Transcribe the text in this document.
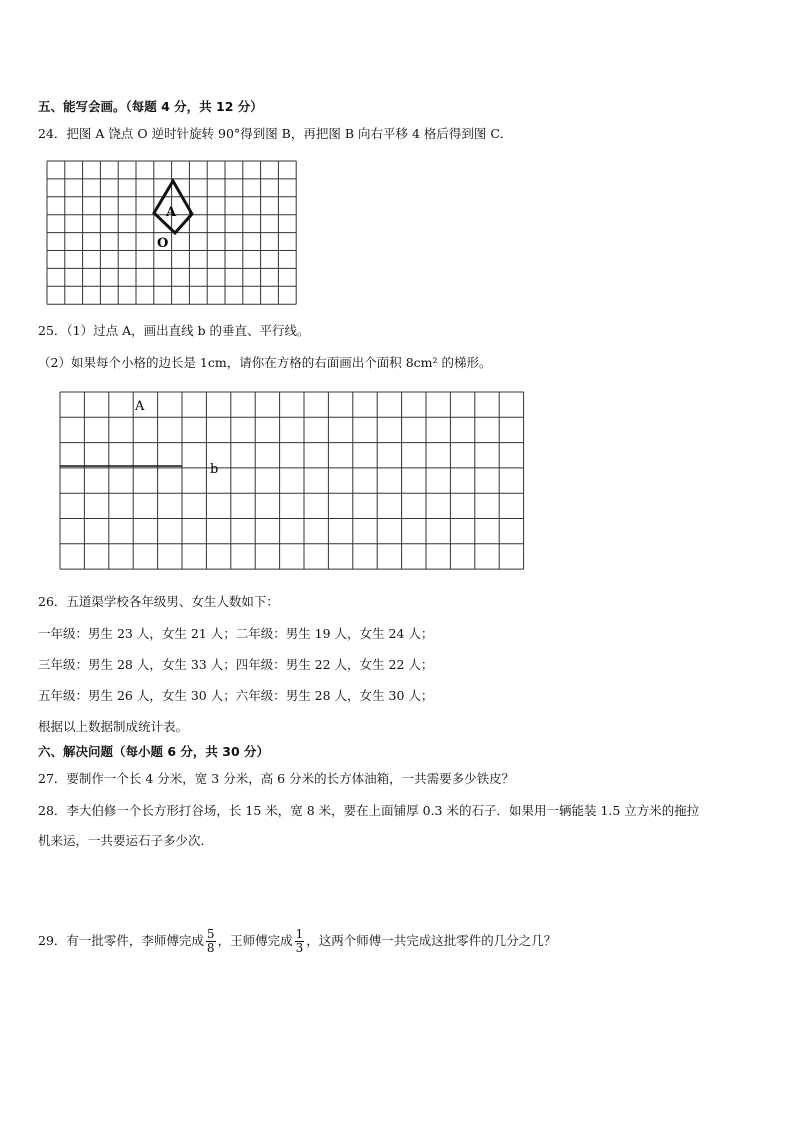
五、能写会画。（每题 4 分，共 12 分）
24．把图 A 饶点 O 逆时针旋转 90°得到图 B，再把图 B 向右平移 4 格后得到图 C．
A
O
25．（1）过点 A，画出直线 b 的垂直、平行线。
（2）如果每个小格的边长是 1cm，请你在方格的右面画出个面积 8cm² 的梯形。
A
b
26．五道渠学校各年级男、女生人数如下：
一年级：男生 23 人，女生 21 人；二年级：男生 19 人，女生 24 人；
三年级：男生 28 人，女生 33 人；四年级：男生 22 人，女生 22 人；
五年级：男生 26 人，女生 30 人；六年级：男生 28 人，女生 30 人；
根据以上数据制成统计表。
六、解决问题（每小题 6 分，共 30 分）
27．要制作一个长 4 分米，宽 3 分米，高 6 分米的长方体油箱，一共需要多少铁皮？
28．李大伯修一个长方形打谷场，长 15 米，宽 8 米，要在上面铺厚 0.3 米的石子．如果用一辆能装 1.5 立方米的拖拉
机来运，一共要运石子多少次．
29．有一批零件，李师傅完成 $\frac{5}{8}$ ，王师傅完成 $\frac{1}{3}$ ，这两个师傅一共完成这批零件的几分之几？
